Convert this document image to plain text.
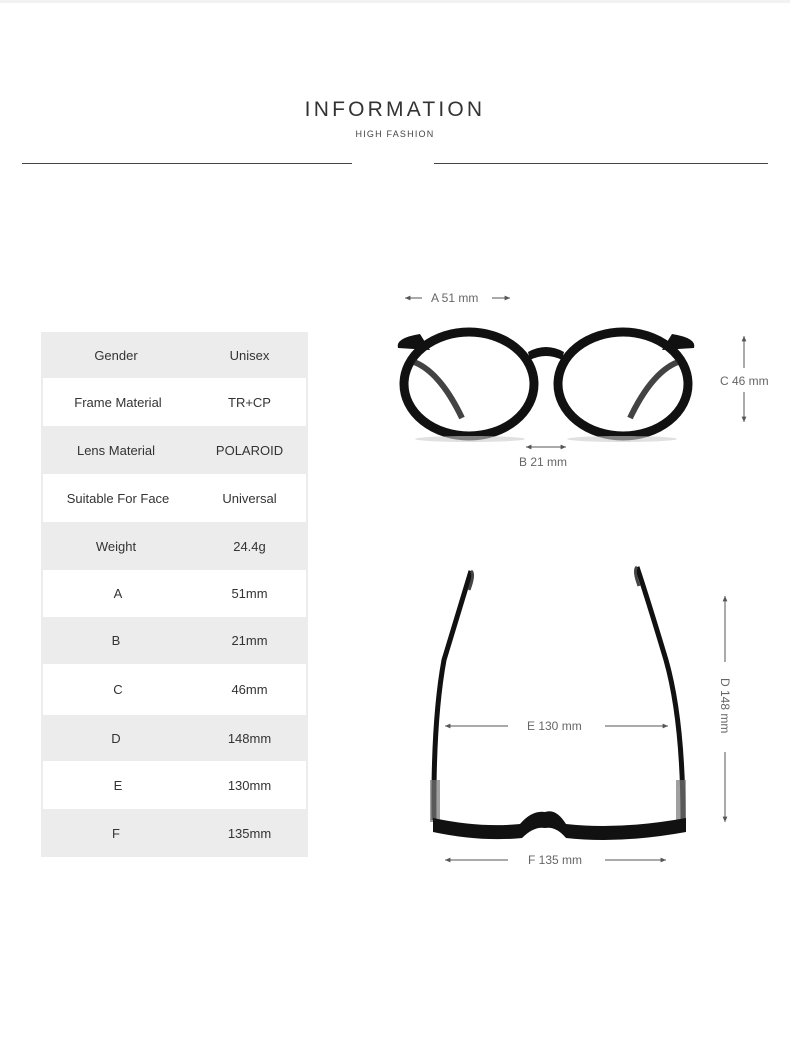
INFORMATION
HIGH FASHION
Gender	Unisex
Frame Material	TR+CP
Lens Material	POLAROID
Suitable For Face	Universal
Weight	24.4g
A	51mm
B	21mm
C	46mm
D	148mm
E	130mm
F	135mm
A 51 mm
B 21 mm
C 46 mm
D 148 mm
E 130 mm
F 135 mm
